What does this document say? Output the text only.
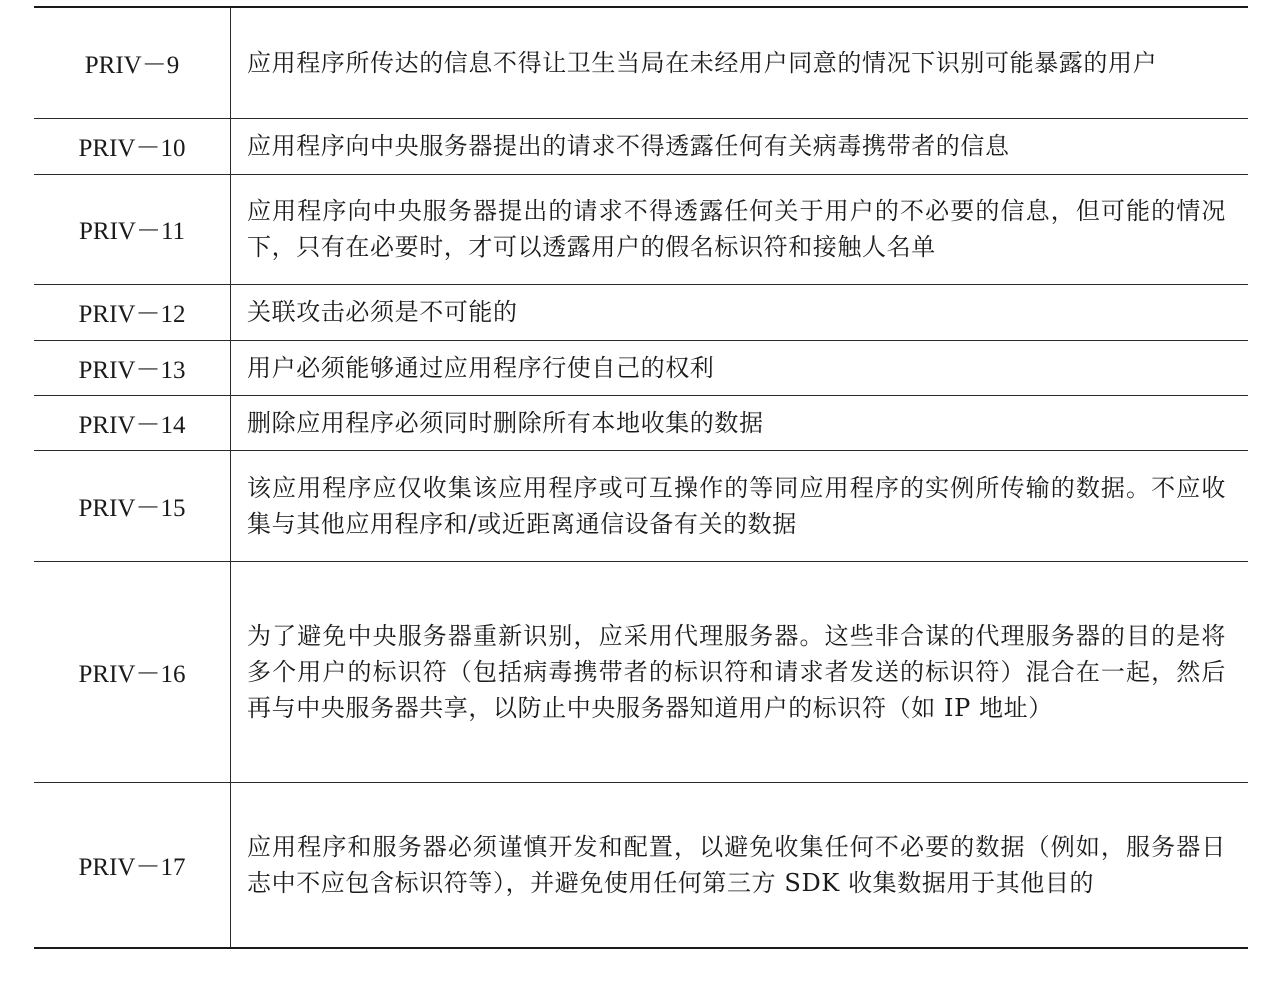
PRIV－9	应用程序所传达的信息不得让卫生当局在未经用户同意的情况下识别可能暴露的用户
PRIV－10	应用程序向中央服务器提出的请求不得透露任何有关病毒携带者的信息
PRIV－11	应用程序向中央服务器提出的请求不得透露任何关于用户的不必要的信息，但可能的情况下，只有在必要时，才可以透露用户的假名标识符和接触人名单
PRIV－12	关联攻击必须是不可能的
PRIV－13	用户必须能够通过应用程序行使自己的权利
PRIV－14	删除应用程序必须同时删除所有本地收集的数据
PRIV－15	该应用程序应仅收集该应用程序或可互操作的等同应用程序的实例所传输的数据。不应收集与其他应用程序和/或近距离通信设备有关的数据
PRIV－16	为了避免中央服务器重新识别，应采用代理服务器。这些非合谋的代理服务器的目的是将多个用户的标识符（包括病毒携带者的标识符和请求者发送的标识符）混合在一起，然后再与中央服务器共享，以防止中央服务器知道用户的标识符（如 IP 地址）
PRIV－17	应用程序和服务器必须谨慎开发和配置，以避免收集任何不必要的数据（例如，服务器日志中不应包含标识符等），并避免使用任何第三方 SDK 收集数据用于其他目的
